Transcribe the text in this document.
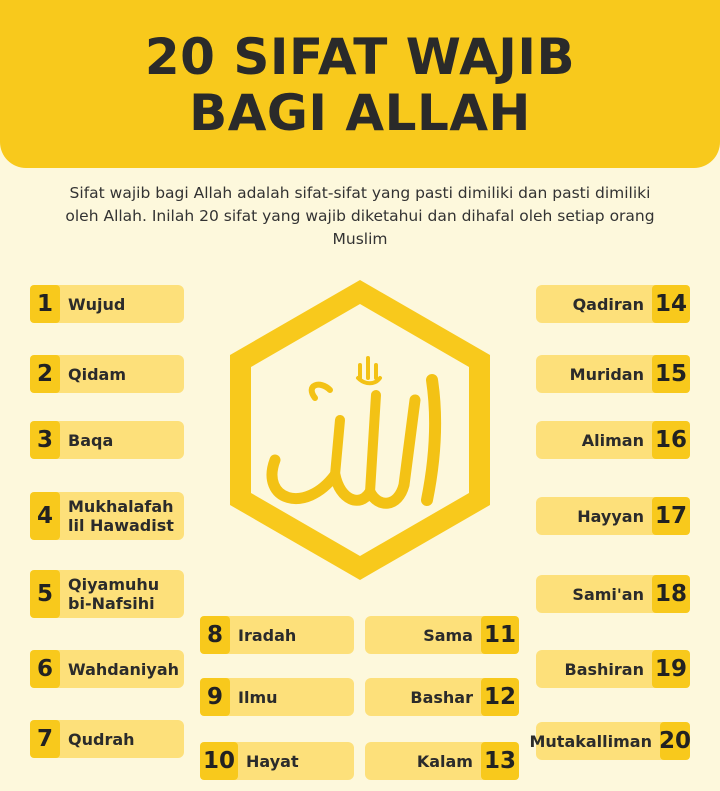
20 SIFAT WAJIB
BAGI ALLAH
Sifat wajib bagi Allah adalah sifat-sifat yang pasti dimiliki dan pasti dimiliki oleh Allah. Inilah 20 sifat yang wajib diketahui dan dihafal oleh setiap orang Muslim
1 Wujud
2 Qidam
3 Baqa
4 Mukhalafah lil Hawadist
5 Qiyamuhu bi-Nafsihi
6 Wahdaniyah
7 Qudrah
8 Iradah
9 Ilmu
10 Hayat
Sama 11
Bashar 12
Kalam 13
Qadiran 14
Muridan 15
Aliman 16
Hayyan 17
Sami'an 18
Bashiran 19
Mutakalliman 20
